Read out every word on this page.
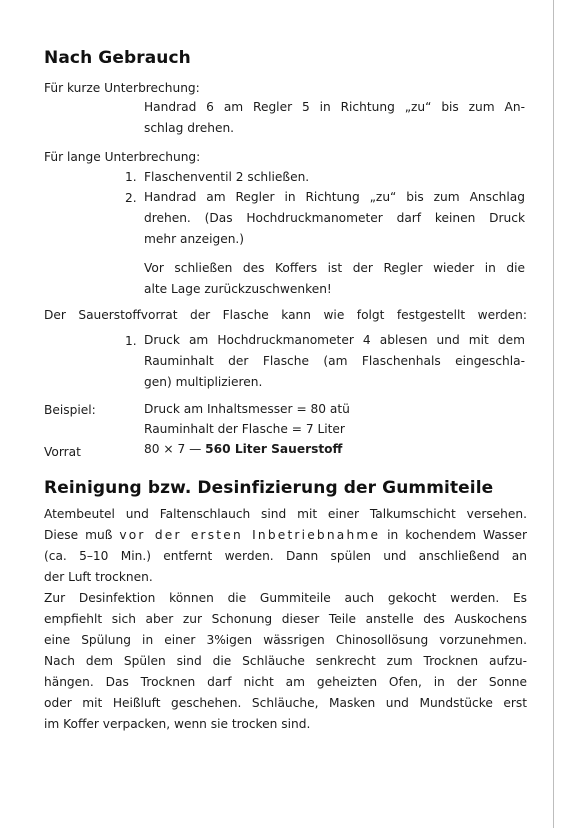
Nach Gebrauch
Für kurze Unterbrechung:
Handrad 6 am Regler 5 in Richtung „zu“ bis zum An-
schlag drehen.
Für lange Unterbrechung:
1. Flaschenventil 2 schließen.
2. Handrad am Regler in Richtung „zu“ bis zum Anschlag
drehen. (Das Hochdruckmanometer darf keinen Druck
mehr anzeigen.)
Vor schließen des Koffers ist der Regler wieder in die
alte Lage zurückzuschwenken!
Der Sauerstoffvorrat der Flasche kann wie folgt festgestellt werden:
1. Druck am Hochdruckmanometer 4 ablesen und mit dem
Rauminhalt der Flasche (am Flaschenhals eingeschla-
gen) multiplizieren.
Beispiel:	Druck am Inhaltsmesser = 80 atü
Rauminhalt der Flasche = 7 Liter
Vorrat	80 × 7 — 560 Liter Sauerstoff
Reinigung bzw. Desinfizierung der Gummiteile
Atembeutel und Faltenschlauch sind mit einer Talkumschicht versehen.
Diese muß vor der ersten Inbetriebnahme in kochendem Wasser
(ca. 5–10 Min.) entfernt werden. Dann spülen und anschließend an
der Luft trocknen.
Zur Desinfektion können die Gummiteile auch gekocht werden. Es
empfiehlt sich aber zur Schonung dieser Teile anstelle des Auskochens
eine Spülung in einer 3%igen wässrigen Chinosollösung vorzunehmen.
Nach dem Spülen sind die Schläuche senkrecht zum Trocknen aufzu-
hängen. Das Trocknen darf nicht am geheizten Ofen, in der Sonne
oder mit Heißluft geschehen. Schläuche, Masken und Mundstücke erst
im Koffer verpacken, wenn sie trocken sind.
